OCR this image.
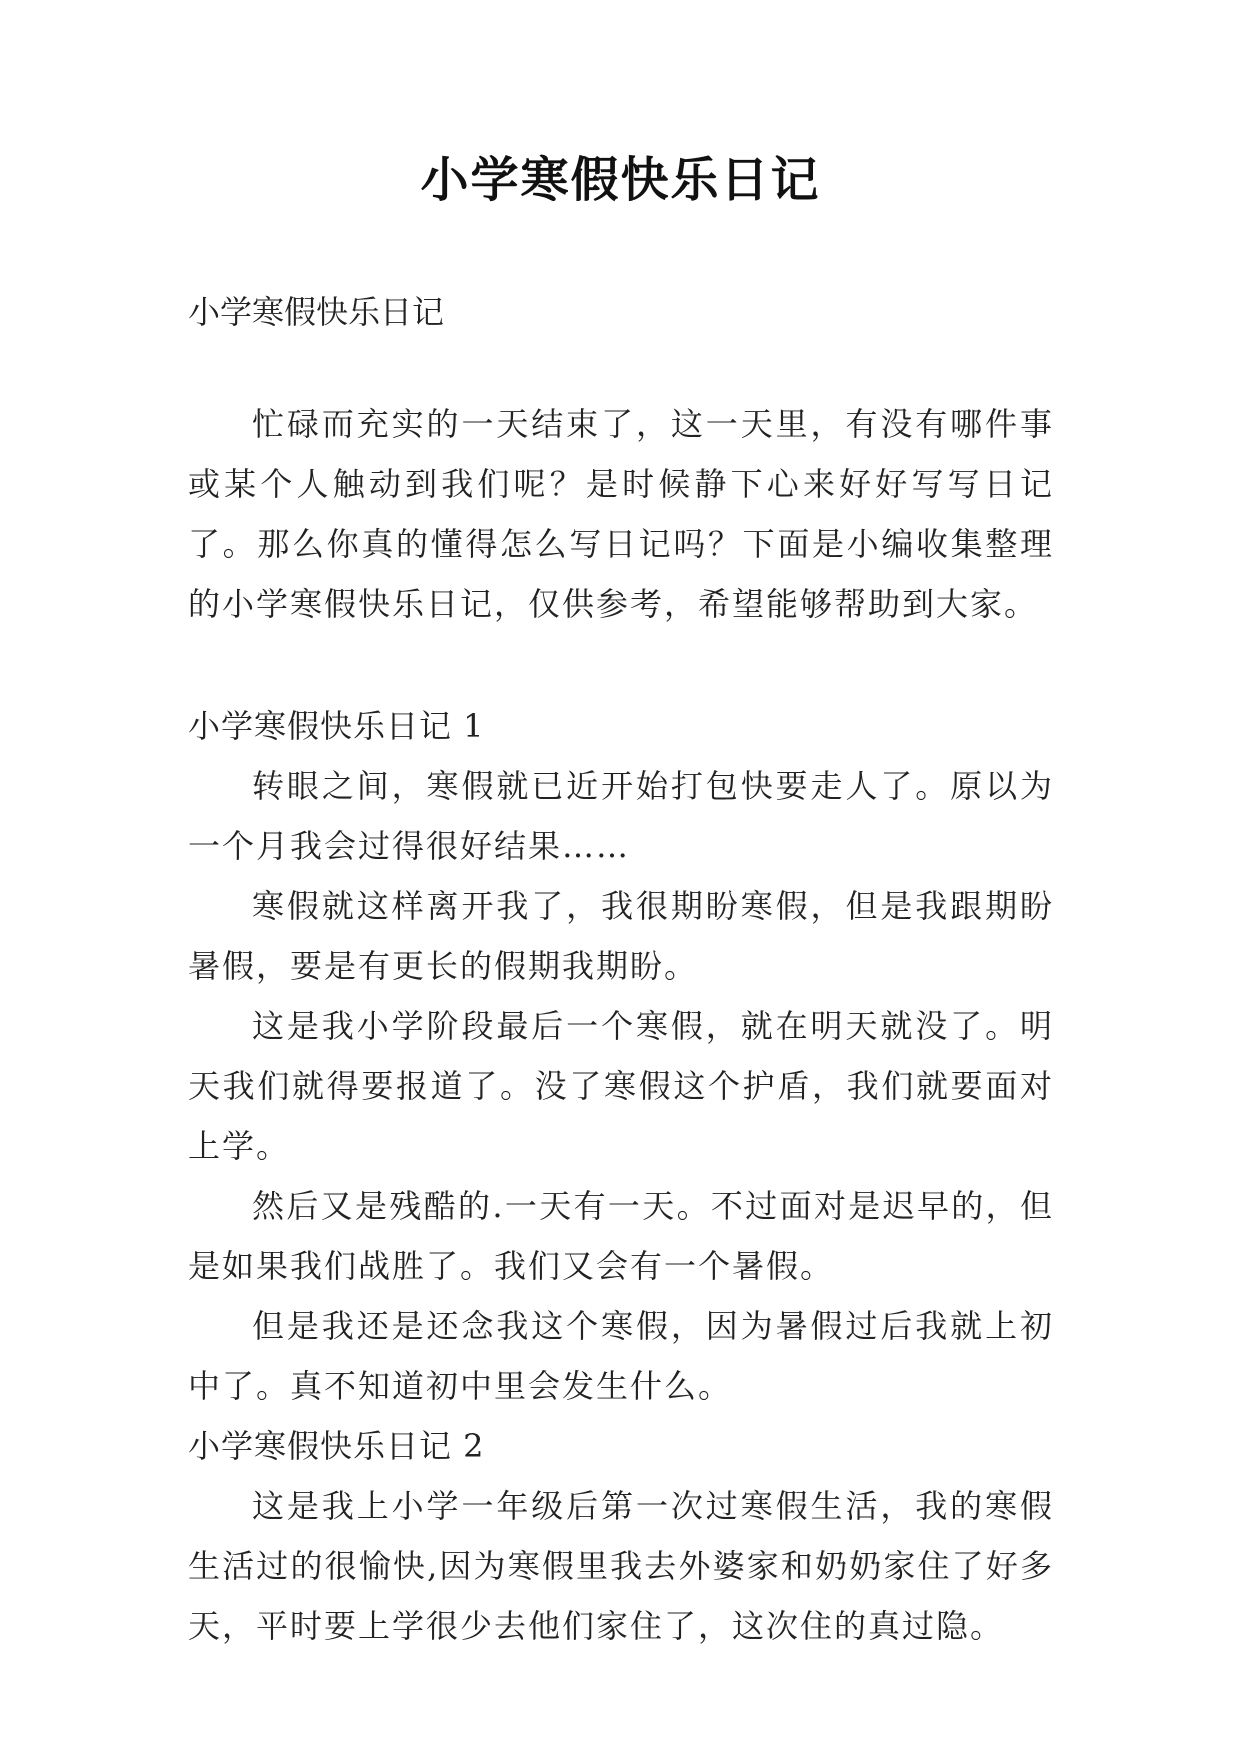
小学寒假快乐日记

小学寒假快乐日记

忙碌而充实的一天结束了，这一天里，有没有哪件事或某个人触动到我们呢？是时候静下心来好好写写日记了。那么你真的懂得怎么写日记吗？下面是小编收集整理的小学寒假快乐日记，仅供参考，希望能够帮助到大家。

小学寒假快乐日记 1

转眼之间，寒假就已近开始打包快要走人了。原以为一个月我会过得很好结果……

寒假就这样离开我了，我很期盼寒假，但是我跟期盼暑假，要是有更长的假期我期盼。

这是我小学阶段最后一个寒假，就在明天就没了。明天我们就得要报道了。没了寒假这个护盾，我们就要面对上学。

然后又是残酷的.一天有一天。不过面对是迟早的，但是如果我们战胜了。我们又会有一个暑假。

但是我还是还念我这个寒假，因为暑假过后我就上初中了。真不知道初中里会发生什么。

小学寒假快乐日记 2

这是我上小学一年级后第一次过寒假生活，我的寒假生活过的很愉快,因为寒假里我去外婆家和奶奶家住了好多天，平时要上学很少去他们家住了，这次住的真过隐。
